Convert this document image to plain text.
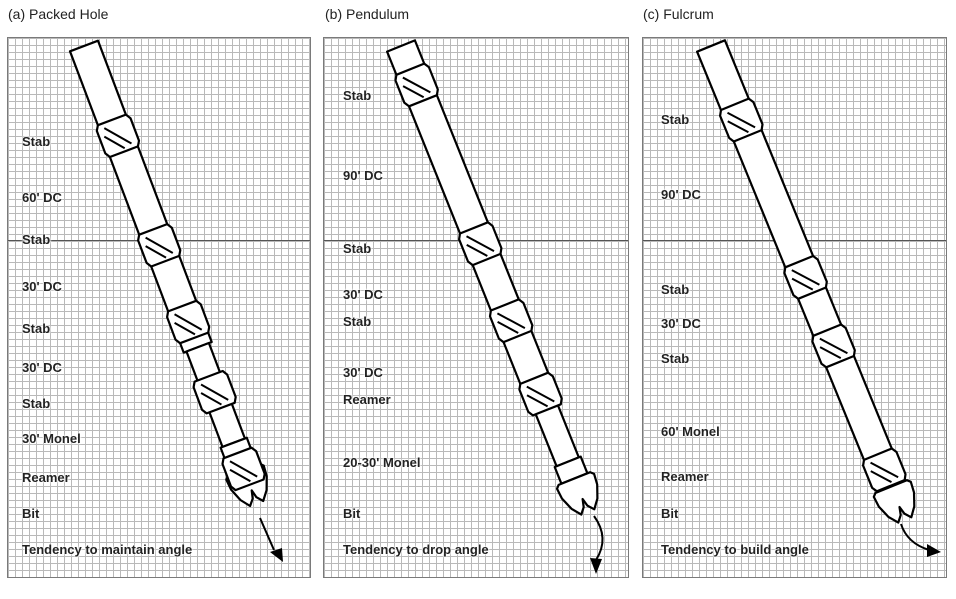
(a) Packed Hole
Stab
60' DC
Stab
30' DC
Stab
30' DC
Stab
30' Monel
Reamer
Bit
Tendency to maintain angle
(b) Pendulum
Stab
90' DC
Stab
30' DC
Stab
30' DC
Reamer
20-30' Monel
Bit
Tendency to drop angle
(c) Fulcrum
Stab
90' DC
Stab
30' DC
Stab
60' Monel
Reamer
Bit
Tendency to build angle
